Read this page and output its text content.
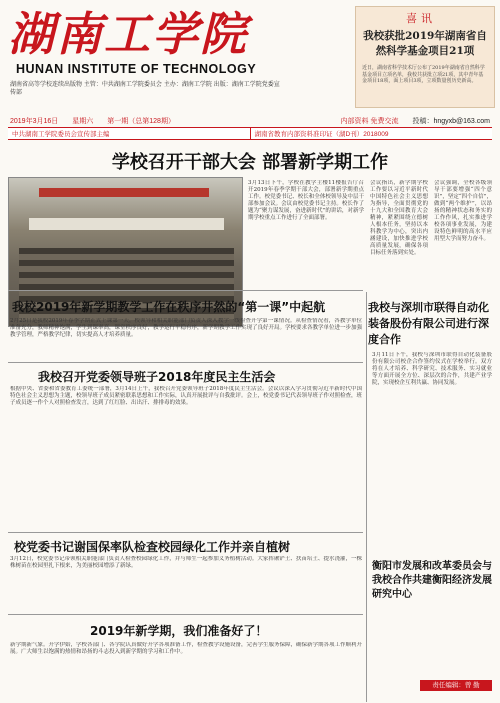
湖南工学院
HUNAN INSTITUTE OF TECHNOLOGY
湖南省高等学校连续出版物 主管：中共湖南工学院委员会 主办：湖南工学院 出版：湖南工学院党委宣传部
喜讯
我校获批2019年湖南省自然科学基金项目21项
近日，湖南省科学技术厅公布了2019年湖南省自然科学基金项目立项名单，我校共获批立项21项，其中青年基金项目18项，面上项目3项，立项数量创历史新高。
2019年3月16日 星期六 第一期（总第128期）	内部资料 免费交流 投稿：hngyxb@163.com
中共湖南工学院委员会宣传部主编	湖南省教育内部资料准印证（湖D刊）2018009
学校召开干部大会 部署新学期工作
3月13日下午，学校在教学主楼11楼报告厅召开2019年春季学期干部大会，部署新学期重点工作。校党委书记、校长和全体校领导及中层干部参加会议。会议由校党委书记主持。校长作了题为“聚力谋发展，奋进新时代”的讲话，对新学期学校重点工作进行了全面部署。
会议指出，新学期学校工作要以习近平新时代中国特色社会主义思想为指导，全面贯彻党的十九大和全国教育大会精神，紧紧围绕立德树人根本任务，坚持以本科教学为中心，突出内涵建设，加快推进学校高质量发展，确保各项目标任务落到实处。
会议强调，全校各级领导干部要增强“四个意识”，坚定“四个自信”，做到“两个维护”，以昂扬的精神状态和务实的工作作风，扎实推进学校各项事业发展，为建设特色鲜明的高水平应用型大学而努力奋斗。
我校2019年新学期教学工作在秩序井然的“第一课”中起航
2月25日是我校2019年春季学期正式上课第一天，校领导和相关职能部门负责人深入教学一线检查开学第一课情况。从检查情况看，各教学单位准备充分，教师精神饱满，学生到课率高，课堂秩序良好，教学运行平稳有序，新学期教学工作实现了良好开局。学校要求各教学单位进一步加强教学管理，严格教学纪律，切实提高人才培养质量。
我校与深圳市联得自动化装备股份有限公司进行深度合作
3月11日下午，我校与深圳市联得自动化装备股份有限公司校企合作签约仪式在学校举行。双方将在人才培养、科学研究、技术服务、实习就业等方面开展全方位、深层次的合作，共建产业学院，实现校企互利共赢、协同发展。
我校召开党委领导班子2018年度民主生活会
根据中央、省委和省委教育工委统一部署，3月14日上午，我校召开党委领导班子2018年度民主生活会。会议以深入学习贯彻习近平新时代中国特色社会主义思想为主题，校领导班子成员紧密联系思想和工作实际，认真开展批评与自我批评。会上，校党委书记代表领导班子作对照检查，班子成员逐一作个人对照检查发言，达到了红红脸、出出汗、排排毒的效果。
校党委书记谢国保率队检查校园绿化工作并亲自植树
3月12日，校党委书记带领相关职能部门负责人检查校园绿化工作，并与师生一起参加义务植树活动。大家挥锹铲土、扶苗培土、提水浇灌，一株株树苗在校园里扎下根来，为美丽校园增添了新绿。	衡阳市发展和改革委员会与我校合作共建衡阳经济发展研究中心
2019年新学期，我们准备好了！
新学期新气象。开学伊始，学校各部门、各学院认真做好开学各项准备工作，检查教学设施设备，完善学生服务保障，确保新学期各项工作顺利开展。广大师生以饱满的热情和昂扬的斗志投入到新学期的学习和工作中。
责任编辑：曾 勤
